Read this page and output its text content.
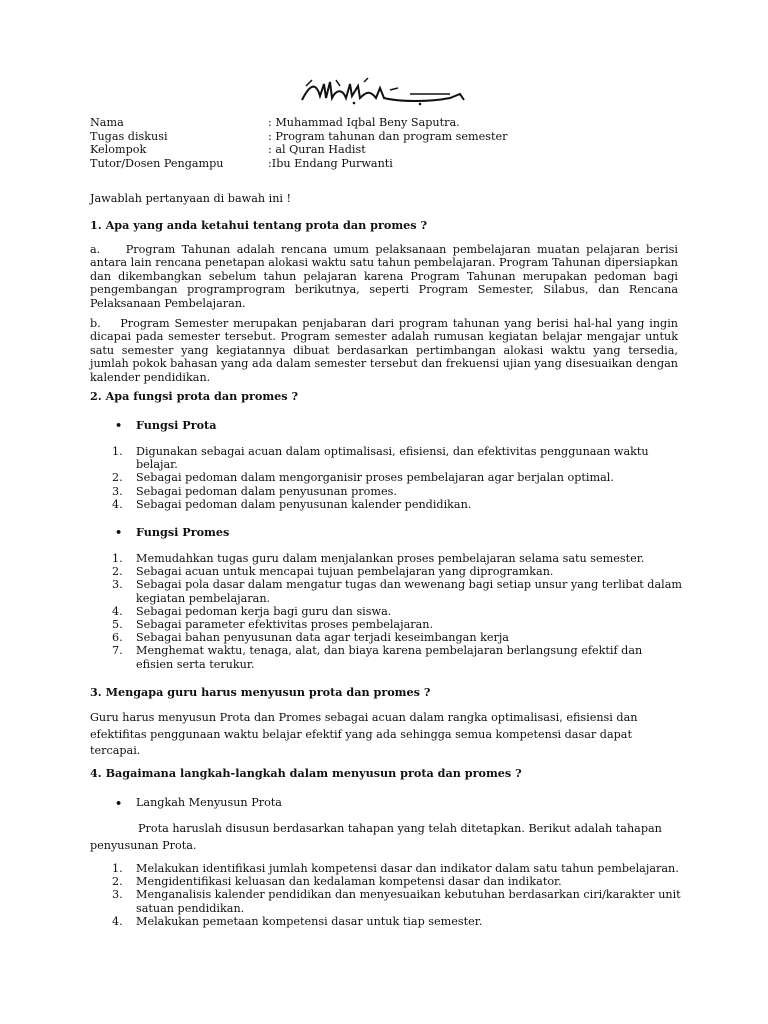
Nama	: Muhammad Iqbal Beny Saputra.
Tugas diskusi	: Program tahunan dan program semester
Kelompok	: al Quran Hadist
Tutor/Dosen Pengampu	:Ibu Endang Purwanti
Jawablah pertanyaan di bawah ini !
1. Apa yang anda ketahui tentang prota dan promes ?
a. Program Tahunan adalah rencana umum pelaksanaan pembelajaran muatan pelajaran berisi antara lain rencana penetapan alokasi waktu satu tahun pembelajaran. Program Tahunan dipersiapkan dan dikembangkan sebelum tahun pelajaran karena Program Tahunan merupakan pedoman bagi pengembangan programprogram berikutnya, seperti Program Semester, Silabus, dan Rencana Pelaksanaan Pembelajaran.
b. Program Semester merupakan penjabaran dari program tahunan yang berisi hal-hal yang ingin dicapai pada semester tersebut. Program semester adalah rumusan kegiatan belajar mengajar untuk satu semester yang kegiatannya dibuat berdasarkan pertimbangan alokasi waktu yang tersedia, jumlah pokok bahasan yang ada dalam semester tersebut dan frekuensi ujian yang disesuaikan dengan kalender pendidikan.
2. Apa fungsi prota dan promes ?
•	Fungsi Prota
1.	Digunakan sebagai acuan dalam optimalisasi, efisiensi, dan efektivitas penggunaan waktu belajar.
2.	Sebagai pedoman dalam mengorganisir proses pembelajaran agar berjalan optimal.
3.	Sebagai pedoman dalam penyusunan promes.
4.	Sebagai pedoman dalam penyusunan kalender pendidikan.
•	Fungsi Promes
1.	Memudahkan tugas guru dalam menjalankan proses pembelajaran selama satu semester.
2.	Sebagai acuan untuk mencapai tujuan pembelajaran yang diprogramkan.
3.	Sebagai pola dasar dalam mengatur tugas dan wewenang bagi setiap unsur yang terlibat dalam kegiatan pembelajaran.
4.	Sebagai pedoman kerja bagi guru dan siswa.
5.	Sebagai parameter efektivitas proses pembelajaran.
6.	Sebagai bahan penyusunan data agar terjadi keseimbangan kerja
7.	Menghemat waktu, tenaga, alat, dan biaya karena pembelajaran berlangsung efektif dan efisien serta terukur.
3. Mengapa guru harus menyusun prota dan promes ?
Guru harus menyusun Prota dan Promes sebagai acuan dalam rangka optimalisasi, efisiensi dan efektifitas penggunaan waktu belajar efektif yang ada sehingga semua kompetensi dasar dapat tercapai.
4. Bagaimana langkah-langkah dalam menyusun prota dan promes ?
•	Langkah Menyusun Prota
Prota haruslah disusun berdasarkan tahapan yang telah ditetapkan. Berikut adalah tahapan penyusunan Prota.
1.	Melakukan identifikasi jumlah kompetensi dasar dan indikator dalam satu tahun pembelajaran.
2.	Mengidentifikasi keluasan dan kedalaman kompetensi dasar dan indikator.
3.	Menganalisis kalender pendidikan dan menyesuaikan kebutuhan berdasarkan ciri/karakter unit satuan pendidikan.
4.	Melakukan pemetaan kompetensi dasar untuk tiap semester.
